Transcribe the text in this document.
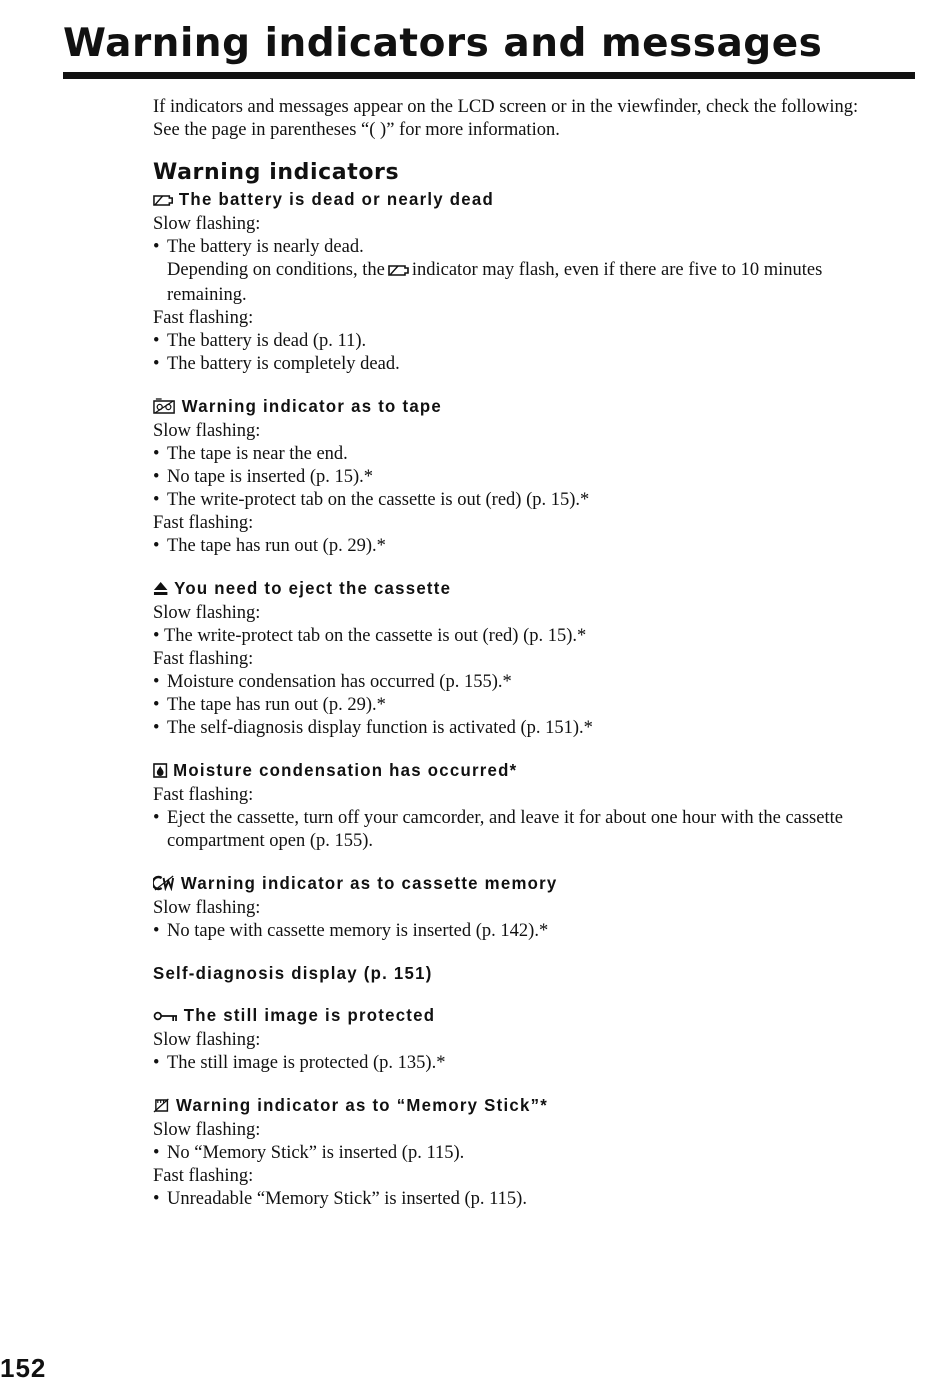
Warning indicators and messages

If indicators and messages appear on the LCD screen or in the viewfinder, check the following:

See the page in parentheses “( )” for more information.

Warning indicators
The battery is dead or nearly dead

Slow flashing:

• The battery is nearly dead.
Depending on conditions, the indicator may flash, even if there are five to 10 minutes remaining.

Fast flashing:

• The battery is dead (p. 11).
• The battery is completely dead.
Warning indicator as to tape

Slow flashing:

• The tape is near the end.
• No tape is inserted (p. 15).*
• The write-protect tab on the cassette is out (red) (p. 15).*

Fast flashing:

• The tape has run out (p. 29).*
You need to eject the cassette

Slow flashing:

• The write-protect tab on the cassette is out (red) (p. 15).*

Fast flashing:

• Moisture condensation has occurred (p. 155).*
• The tape has run out (p. 29).*
• The self-diagnosis display function is activated (p. 151).*
Moisture condensation has occurred*

Fast flashing:

• Eject the cassette, turn off your camcorder, and leave it for about one hour with the cassette compartment open (p. 155).
Warning indicator as to cassette memory

Slow flashing:

• No tape with cassette memory is inserted (p. 142).*
Self-diagnosis display (p. 151)
The still image is protected

Slow flashing:

• The still image is protected (p. 135).*
Warning indicator as to “Memory Stick”*

Slow flashing:

• No “Memory Stick” is inserted (p. 115).

Fast flashing:

• Unreadable “Memory Stick” is inserted (p. 115).
152
